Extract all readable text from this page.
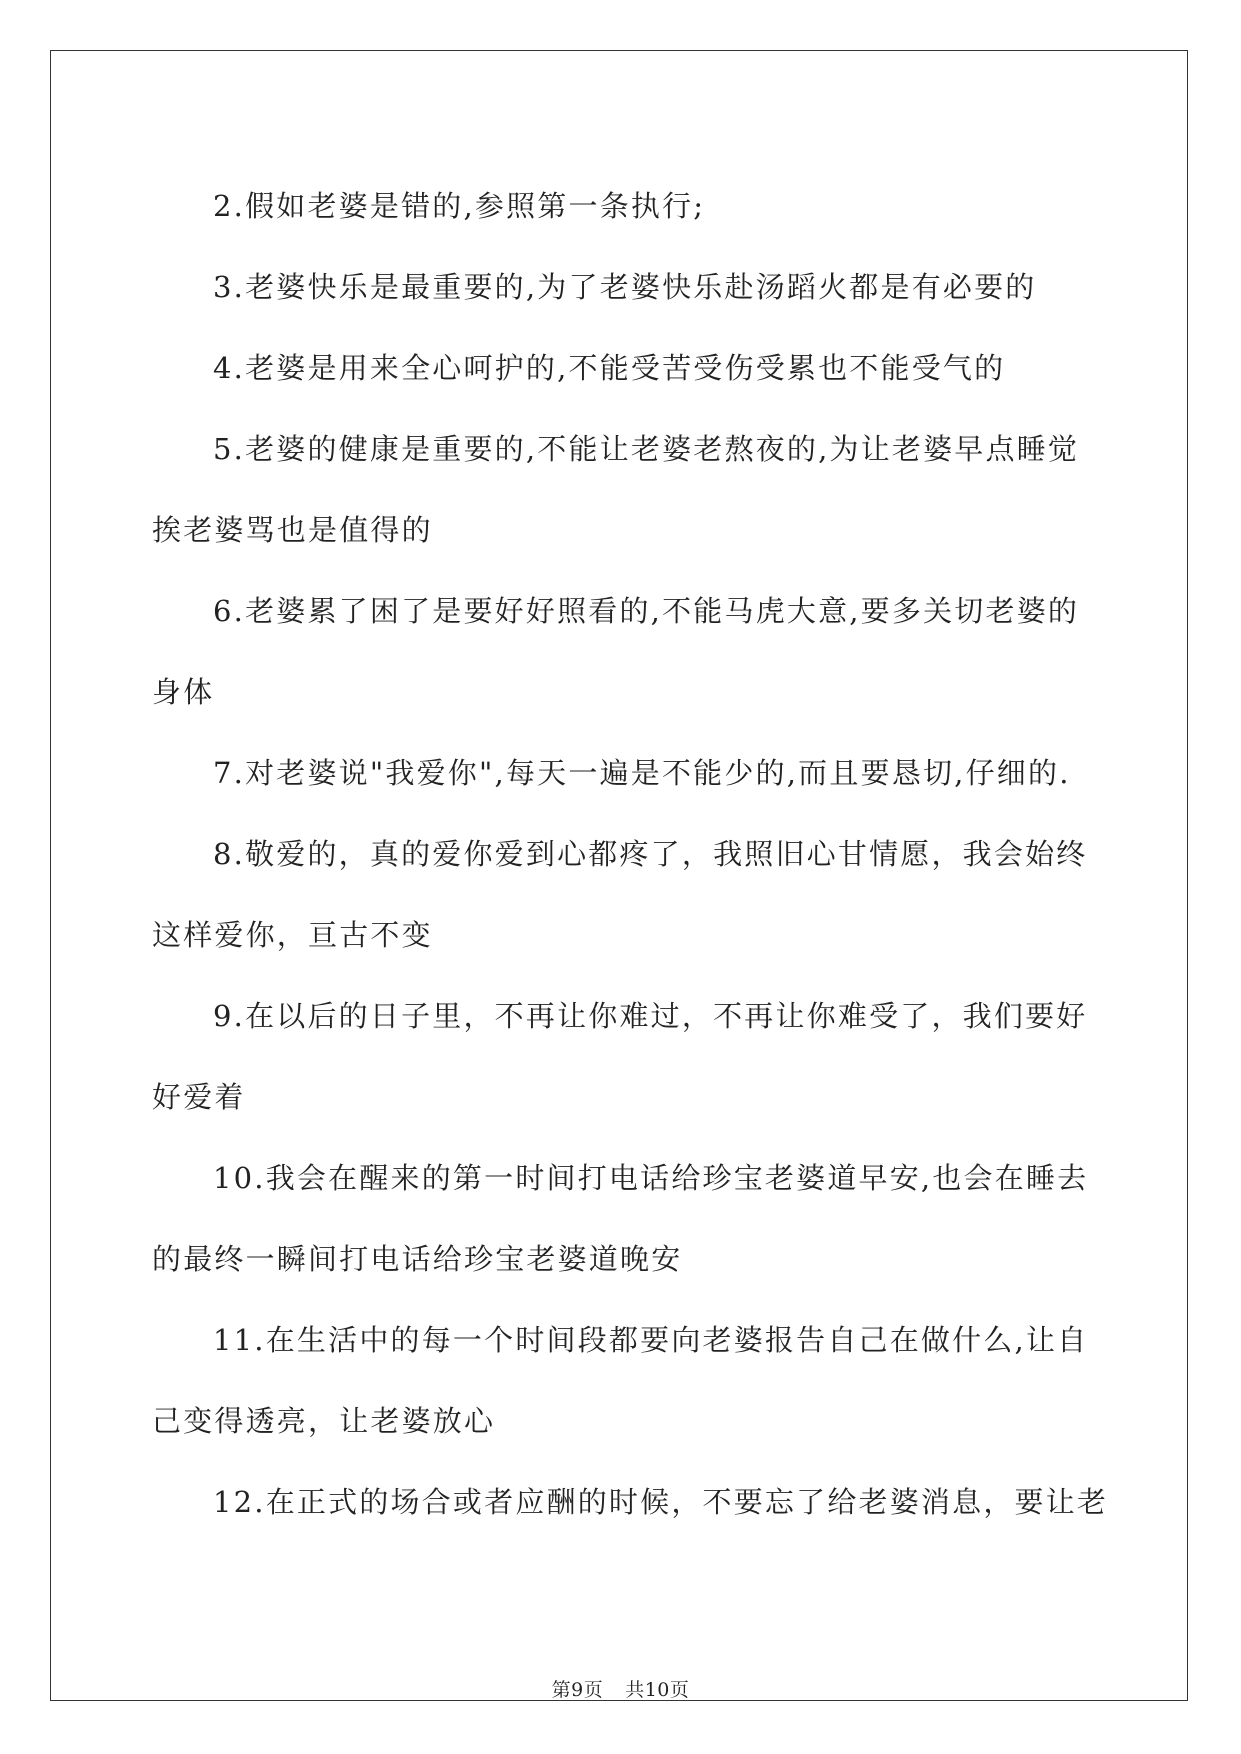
2.假如老婆是错的,参照第一条执行;

3.老婆快乐是最重要的,为了老婆快乐赴汤蹈火都是有必要的

4.老婆是用来全心呵护的,不能受苦受伤受累也不能受气的

5.老婆的健康是重要的,不能让老婆老熬夜的,为让老婆早点睡觉

挨老婆骂也是值得的

6.老婆累了困了是要好好照看的,不能马虎大意,要多关切老婆的

身体

7.对老婆说"我爱你",每天一遍是不能少的,而且要恳切,仔细的.

8.敬爱的，真的爱你爱到心都疼了，我照旧心甘情愿，我会始终

这样爱你，亘古不变

9.在以后的日子里，不再让你难过，不再让你难受了，我们要好

好爱着

10.我会在醒来的第一时间打电话给珍宝老婆道早安,也会在睡去

的最终一瞬间打电话给珍宝老婆道晚安

11.在生活中的每一个时间段都要向老婆报告自己在做什么,让自

己变得透亮，让老婆放心

12.在正式的场合或者应酬的时候，不要忘了给老婆消息，要让老

第9页 共10页
